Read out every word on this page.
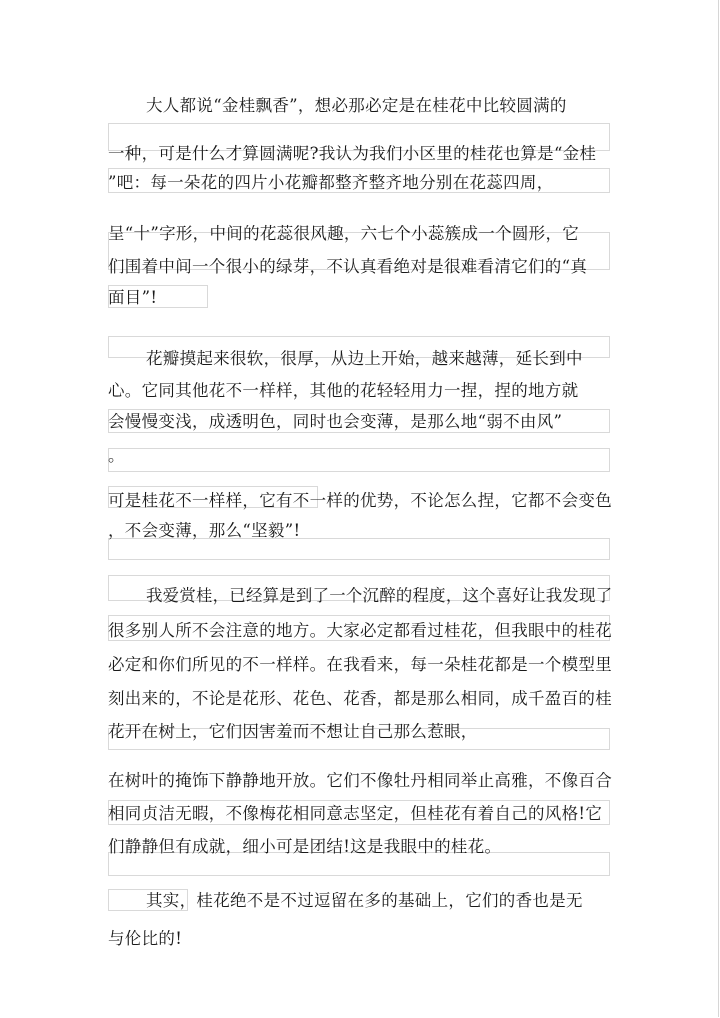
大人都说“金桂飘香”，想必那必定是在桂花中比较圆满的
一种，可是什么才算圆满呢?我认为我们小区里的桂花也算是“金桂
”吧：每一朵花的四片小花瓣都整齐整齐地分别在花蕊四周，
呈“十”字形，中间的花蕊很风趣，六七个小蕊簇成一个圆形，它
们围着中间一个很小的绿芽，不认真看绝对是很难看清它们的“真
面目”!
花瓣摸起来很软，很厚，从边上开始，越来越薄，延长到中
心。它同其他花不一样样，其他的花轻轻用力一捏，捏的地方就
会慢慢变浅，成透明色，同时也会变薄，是那么地“弱不由风”
。
可是桂花不一样样，它有不一样的优势，不论怎么捏，它都不会变色
，不会变薄，那么“坚毅”!
我爱赏桂，已经算是到了一个沉醉的程度，这个喜好让我发现了
很多别人所不会注意的地方。大家必定都看过桂花，但我眼中的桂花
必定和你们所见的不一样样。在我看来，每一朵桂花都是一个模型里
刻出来的，不论是花形、花色、花香，都是那么相同，成千盈百的桂
花开在树上，它们因害羞而不想让自己那么惹眼，
在树叶的掩饰下静静地开放。它们不像牡丹相同举止高雅，不像百合
相同贞洁无暇，不像梅花相同意志坚定，但桂花有着自己的风格!它
们静静但有成就，细小可是团结!这是我眼中的桂花。
其实，桂花绝不是不过逗留在多的基础上，它们的香也是无
与伦比的!
